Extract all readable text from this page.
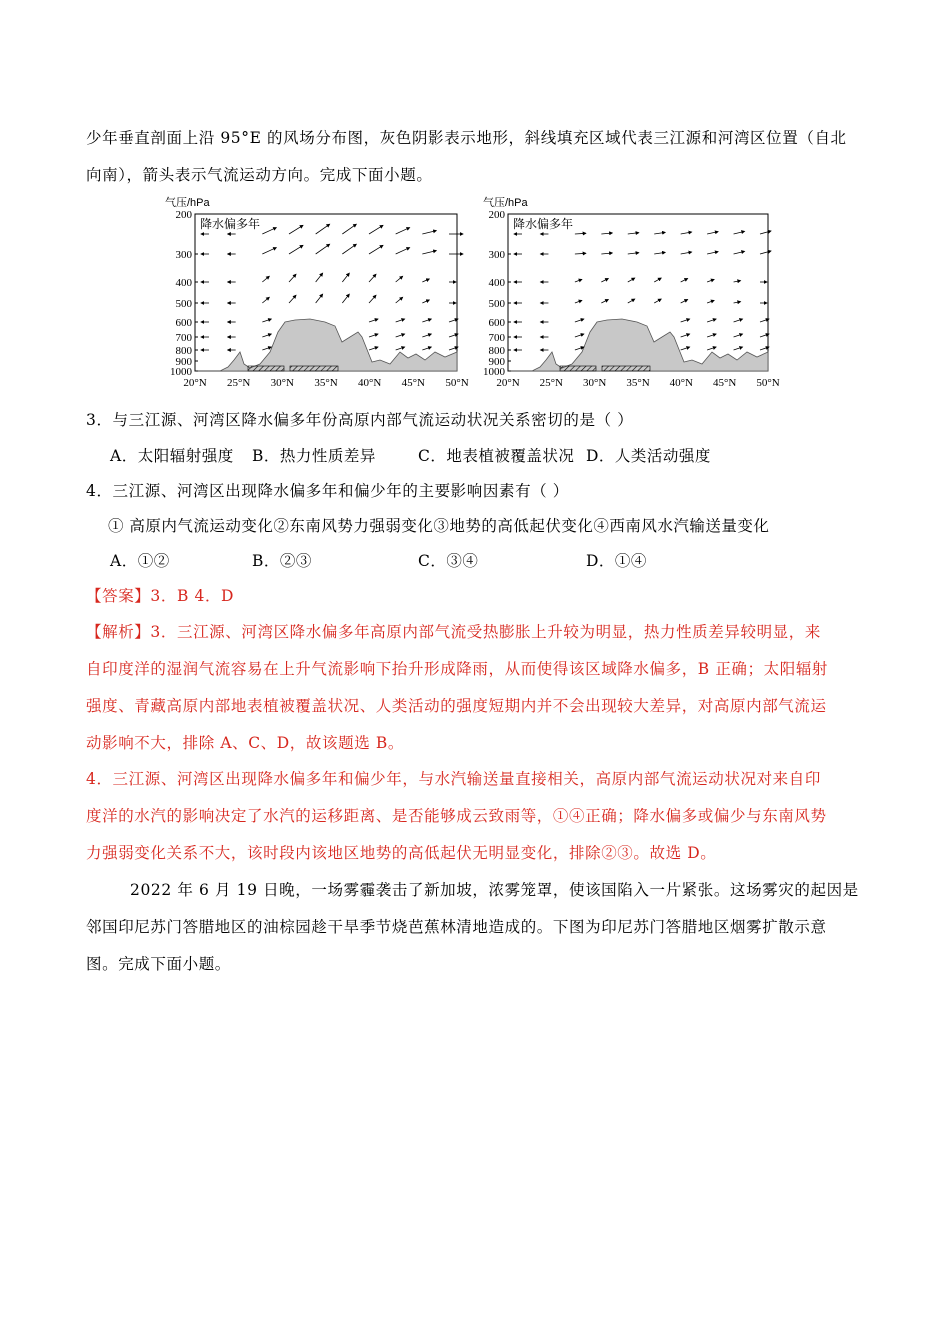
少年垂直剖面上沿 95°E 的风场分布图，灰色阴影表示地形，斜线填充区域代表三江源和河湾区位置（自北
向南），箭头表示气流运动方向。完成下面小题。
气压/hPa
降水偏多年
200
300
400
500
600
700
800
900
1000
20°N 25°N 30°N 35°N 40°N 45°N 50°N
气压/hPa
降水偏多年
200
300
400
500
600
700
800
900
1000
20°N 25°N 30°N 35°N 40°N 45°N 50°N
3．与三江源、河湾区降水偏多年份高原内部气流运动状况关系密切的是（ ）
A．太阳辐射强度 B．热力性质差异	C．地表植被覆盖状况 D．人类活动强度
4．三江源、河湾区出现降水偏多年和偏少年的主要影响因素有（ ）
① 高原内气流运动变化②东南风势力强弱变化③地势的高低起伏变化④西南风水汽输送量变化
A．①②	B．②③	C．③④	D．①④
【答案】3．B 4．D
【解析】3．三江源、河湾区降水偏多年高原内部气流受热膨胀上升较为明显，热力性质差异较明显，来
自印度洋的湿润气流容易在上升气流影响下抬升形成降雨，从而使得该区域降水偏多，B 正确；太阳辐射
强度、青藏高原内部地表植被覆盖状况、人类活动的强度短期内并不会出现较大差异，对高原内部气流运
动影响不大，排除 A、C、D，故该题选 B。
4．三江源、河湾区出现降水偏多年和偏少年，与水汽输送量直接相关，高原内部气流运动状况对来自印
度洋的水汽的影响决定了水汽的运移距离、是否能够成云致雨等，①④正确；降水偏多或偏少与东南风势
力强弱变化关系不大，该时段内该地区地势的高低起伏无明显变化，排除②③。故选 D。
2022 年 6 月 19 日晚，一场雾霾袭击了新加坡，浓雾笼罩，使该国陷入一片紧张。这场雾灾的起因是
邻国印尼苏门答腊地区的油棕园趁干旱季节烧芭蕉林清地造成的。下图为印尼苏门答腊地区烟雾扩散示意
图。完成下面小题。
